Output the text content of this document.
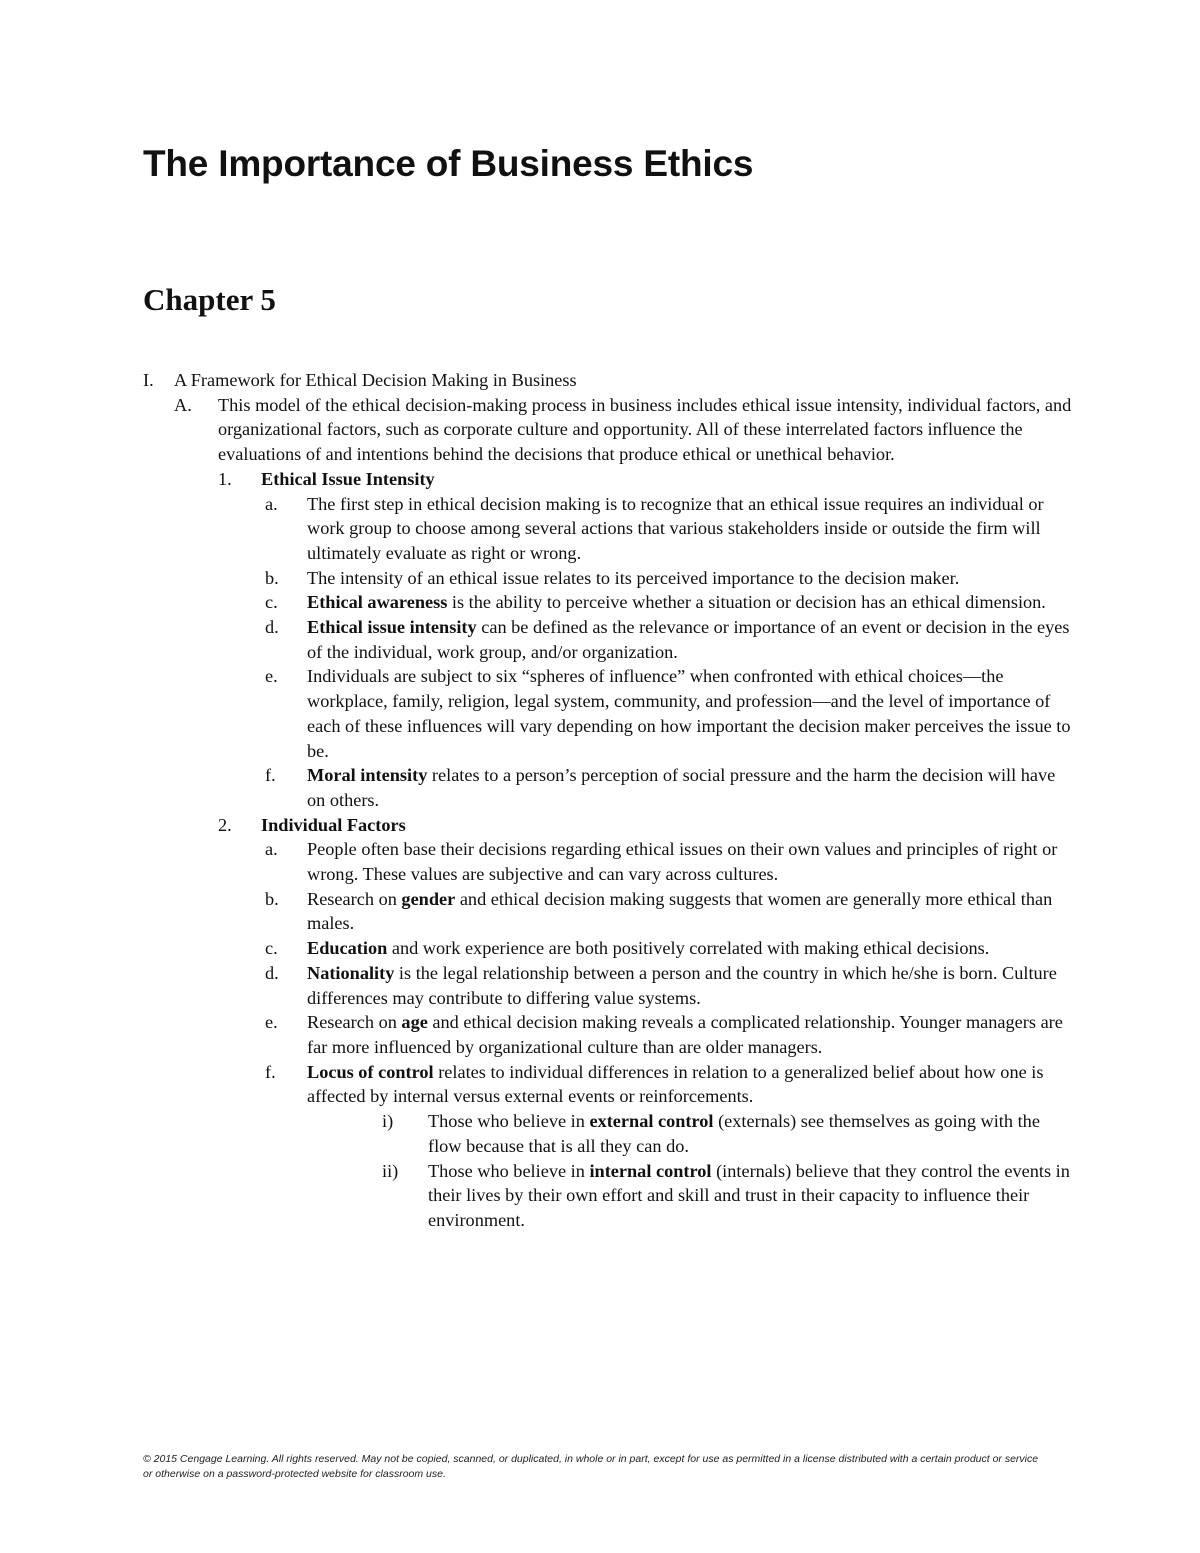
The Importance of Business Ethics
Chapter 5
I.	A Framework for Ethical Decision Making in Business
A.	This model of the ethical decision-making process in business includes ethical issue intensity, individual factors, and organizational factors, such as corporate culture and opportunity. All of these interrelated factors influence the evaluations of and intentions behind the decisions that produce ethical or unethical behavior.
1.	Ethical Issue Intensity
a.	The first step in ethical decision making is to recognize that an ethical issue requires an individual or work group to choose among several actions that various stakeholders inside or outside the firm will ultimately evaluate as right or wrong.
b.	The intensity of an ethical issue relates to its perceived importance to the decision maker.
c.	Ethical awareness is the ability to perceive whether a situation or decision has an ethical dimension.
d.	Ethical issue intensity can be defined as the relevance or importance of an event or decision in the eyes of the individual, work group, and/or organization.
e.	Individuals are subject to six “spheres of influence” when confronted with ethical choices—the workplace, family, religion, legal system, community, and profession—and the level of importance of each of these influences will vary depending on how important the decision maker perceives the issue to be.
f.	Moral intensity relates to a person’s perception of social pressure and the harm the decision will have on others.
2.	Individual Factors
a.	People often base their decisions regarding ethical issues on their own values and principles of right or wrong. These values are subjective and can vary across cultures.
b.	Research on gender and ethical decision making suggests that women are generally more ethical than males.
c.	Education and work experience are both positively correlated with making ethical decisions.
d.	Nationality is the legal relationship between a person and the country in which he/she is born. Culture differences may contribute to differing value systems.
e.	Research on age and ethical decision making reveals a complicated relationship. Younger managers are far more influenced by organizational culture than are older managers.
f.	Locus of control relates to individual differences in relation to a generalized belief about how one is affected by internal versus external events or reinforcements.
i)	Those who believe in external control (externals) see themselves as going with the flow because that is all they can do.
ii)	Those who believe in internal control (internals) believe that they control the events in their lives by their own effort and skill and trust in their capacity to influence their environment.
© 2015 Cengage Learning. All rights reserved. May not be copied, scanned, or duplicated, in whole or in part, except for use as permitted in a license distributed with a certain product or service or otherwise on a password-protected website for classroom use.
